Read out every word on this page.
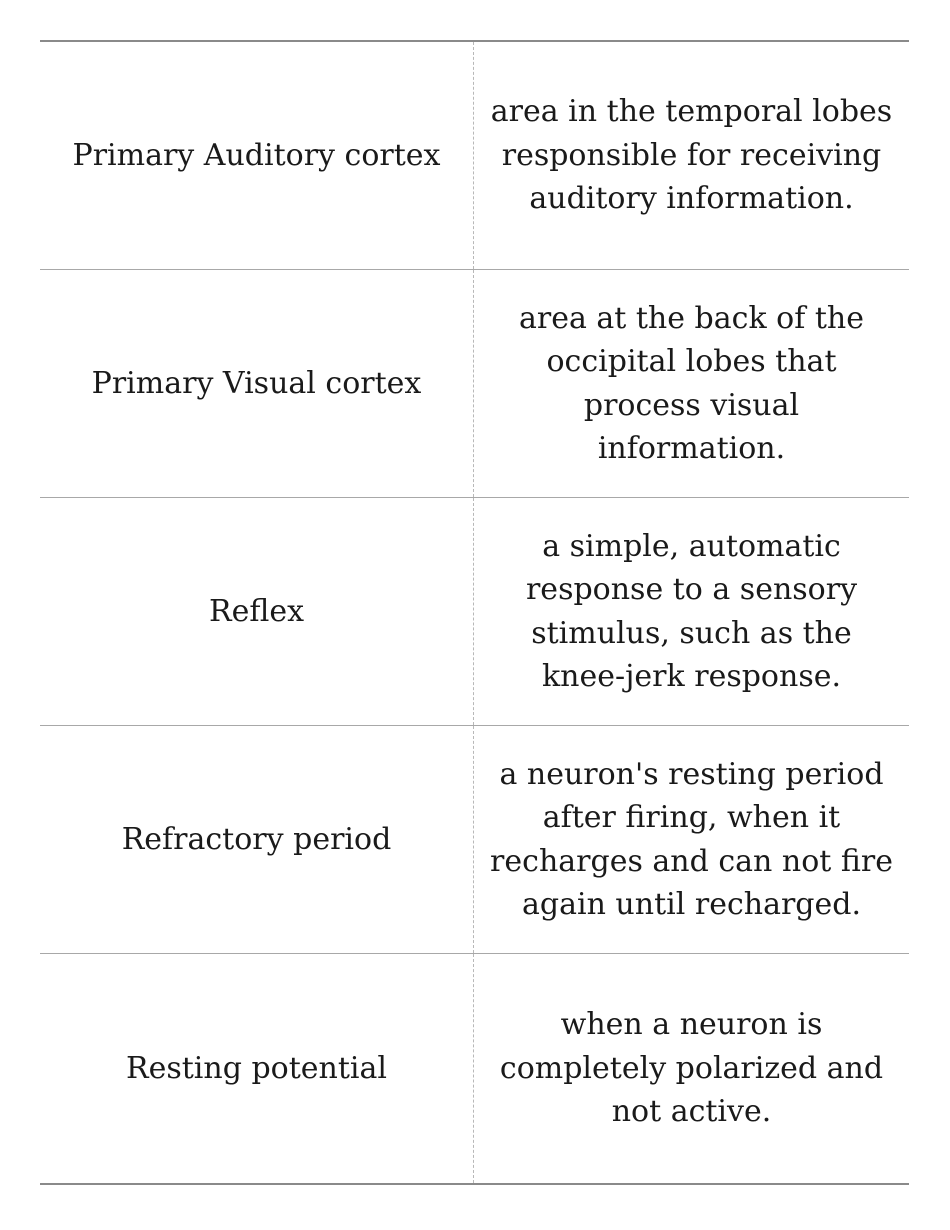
Primary Auditory cortex
area in the temporal lobes responsible for receiving auditory information.
Primary Visual cortex
area at the back of the occipital lobes that process visual information.
Reflex
a simple, automatic response to a sensory stimulus, such as the knee-jerk response.
Refractory period
a neuron's resting period after firing, when it recharges and can not fire again until recharged.
Resting potential
when a neuron is completely polarized and not active.
